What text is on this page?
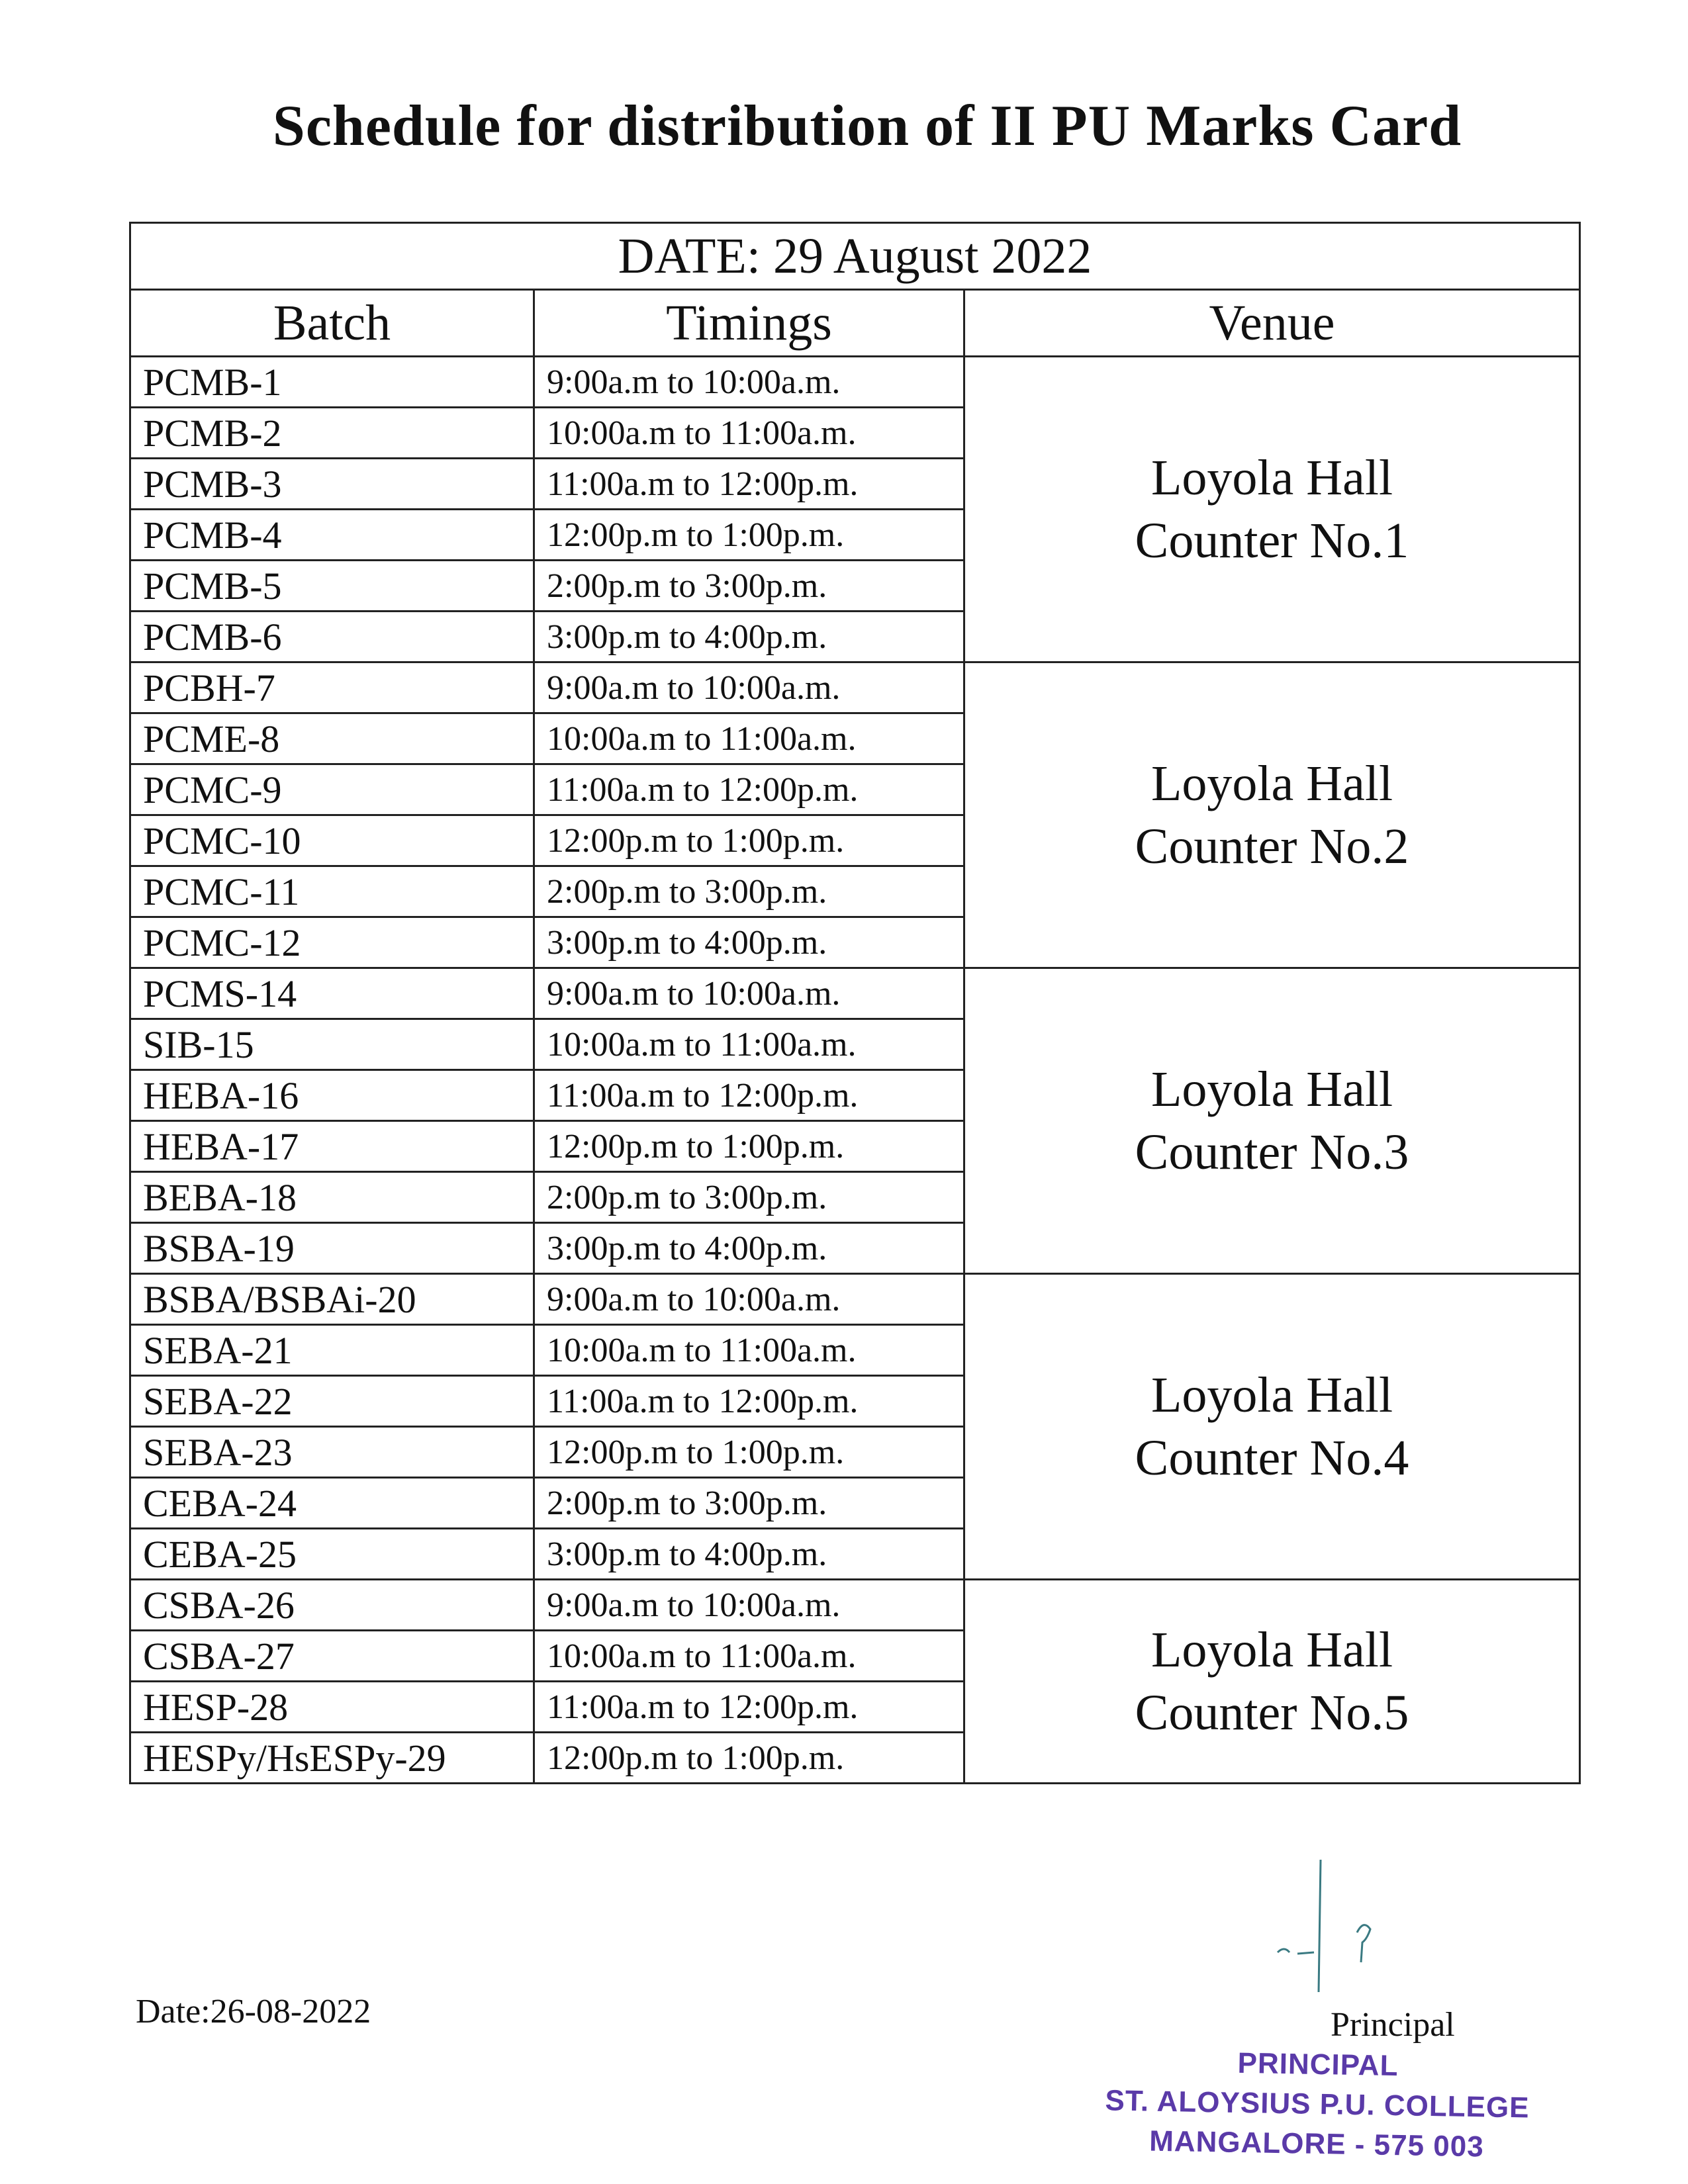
Schedule for distribution of II PU Marks Card
DATE: 29 August 2022		
Batch	Timings	Venue
PCMB-1	9:00a.m to 10:00a.m.	Loyola Hall
Counter No.1

PCMB-2	10:00a.m to 11:00a.m.	
PCMB-3	11:00a.m to 12:00p.m.	
PCMB-4	12:00p.m to 1:00p.m.	
PCMB-5	2:00p.m to 3:00p.m.	
PCMB-6	3:00p.m to 4:00p.m.	
PCBH-7	9:00a.m to 10:00a.m.	Loyola Hall
Counter No.2

PCME-8	10:00a.m to 11:00a.m.	
PCMC-9	11:00a.m to 12:00p.m.	
PCMC-10	12:00p.m to 1:00p.m.	
PCMC-11	2:00p.m to 3:00p.m.	
PCMC-12	3:00p.m to 4:00p.m.	
PCMS-14	9:00a.m to 10:00a.m.	Loyola Hall
Counter No.3

SIB-15	10:00a.m to 11:00a.m.	
HEBA-16	11:00a.m to 12:00p.m.	
HEBA-17	12:00p.m to 1:00p.m.	
BEBA-18	2:00p.m to 3:00p.m.	
BSBA-19	3:00p.m to 4:00p.m.	
BSBA/BSBAi-20	9:00a.m to 10:00a.m.	Loyola Hall
Counter No.4

SEBA-21	10:00a.m to 11:00a.m.	
SEBA-22	11:00a.m to 12:00p.m.	
SEBA-23	12:00p.m to 1:00p.m.	
CEBA-24	2:00p.m to 3:00p.m.	
CEBA-25	3:00p.m to 4:00p.m.	
CSBA-26	9:00a.m to 10:00a.m.	Loyola Hall
Counter No.5

CSBA-27	10:00a.m to 11:00a.m.	
HESP-28	11:00a.m to 12:00p.m.	
HESPy/HsESPy-29	12:00p.m to 1:00p.m.	
Date:26-08-2022	Principal
PRINCIPAL
ST. ALOYSIUS P.U. COLLEGE
MANGALORE - 575 003
